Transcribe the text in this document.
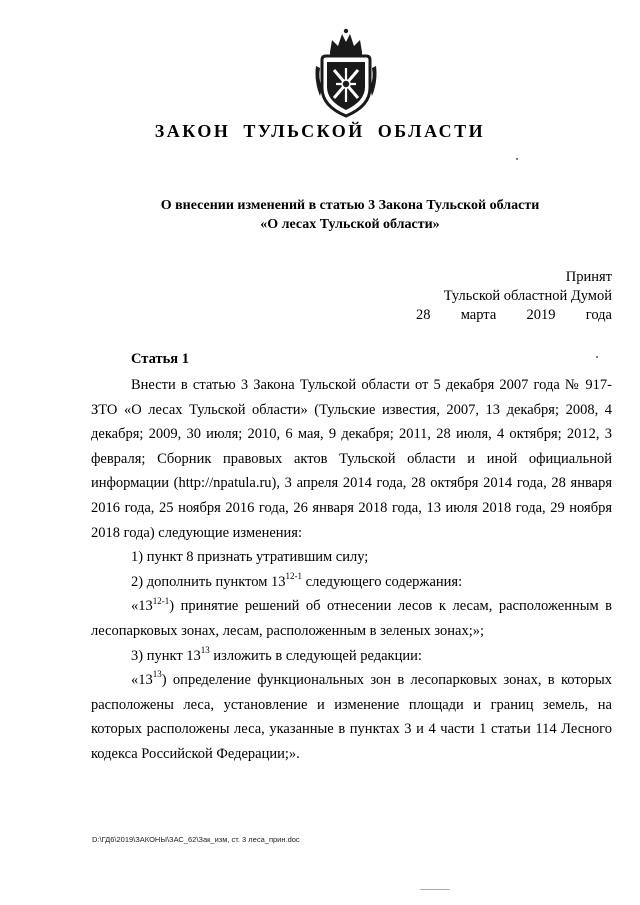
ЗАКОН ТУЛЬСКОЙ ОБЛАСТИ
О внесении изменений в статью 3 Закона Тульской области
«О лесах Тульской области»
Принят
Тульской областной Думой
28 марта 2019 года
Статья 1

Внести в статью 3 Закона Тульской области от 5 декабря 2007 года № 917-ЗТО «О лесах Тульской области» (Тульские известия, 2007, 13 декабря; 2008, 4 декабря; 2009, 30 июля; 2010, 6 мая, 9 декабря; 2011, 28 июля, 4 октября; 2012, 3 февраля; Сборник правовых актов Тульской области и иной официальной информации (http://npatula.ru), 3 апреля 2014 года, 28 октября 2014 года, 28 января 2016 года, 25 ноября 2016 года, 26 января 2018 года, 13 июля 2018 года, 29 ноября 2018 года) следующие изменения:

1) пункт 8 признать утратившим силу;

2) дополнить пунктом 13$^{12-1}$ следующего содержания:

«13$^{12-1}$) принятие решений об отнесении лесов к лесам, расположенным в лесопарковых зонах, лесам, расположенным в зеленых зонах;»;

3) пункт $13^{13}$ изложить в следующей редакции:

«$13^{13}$) определение функциональных зон в лесопарковых зонах, в которых расположены леса, установление и изменение площади и границ земель, на которых расположены леса, указанные в пунктах 3 и 4 части 1 статьи 114 Лесного кодекса Российской Федерации;».

D:\ГД6\2019\ЗАКОНЫ\ЗАС_62\Зак_изм, ст. 3 леса_прин.doc
